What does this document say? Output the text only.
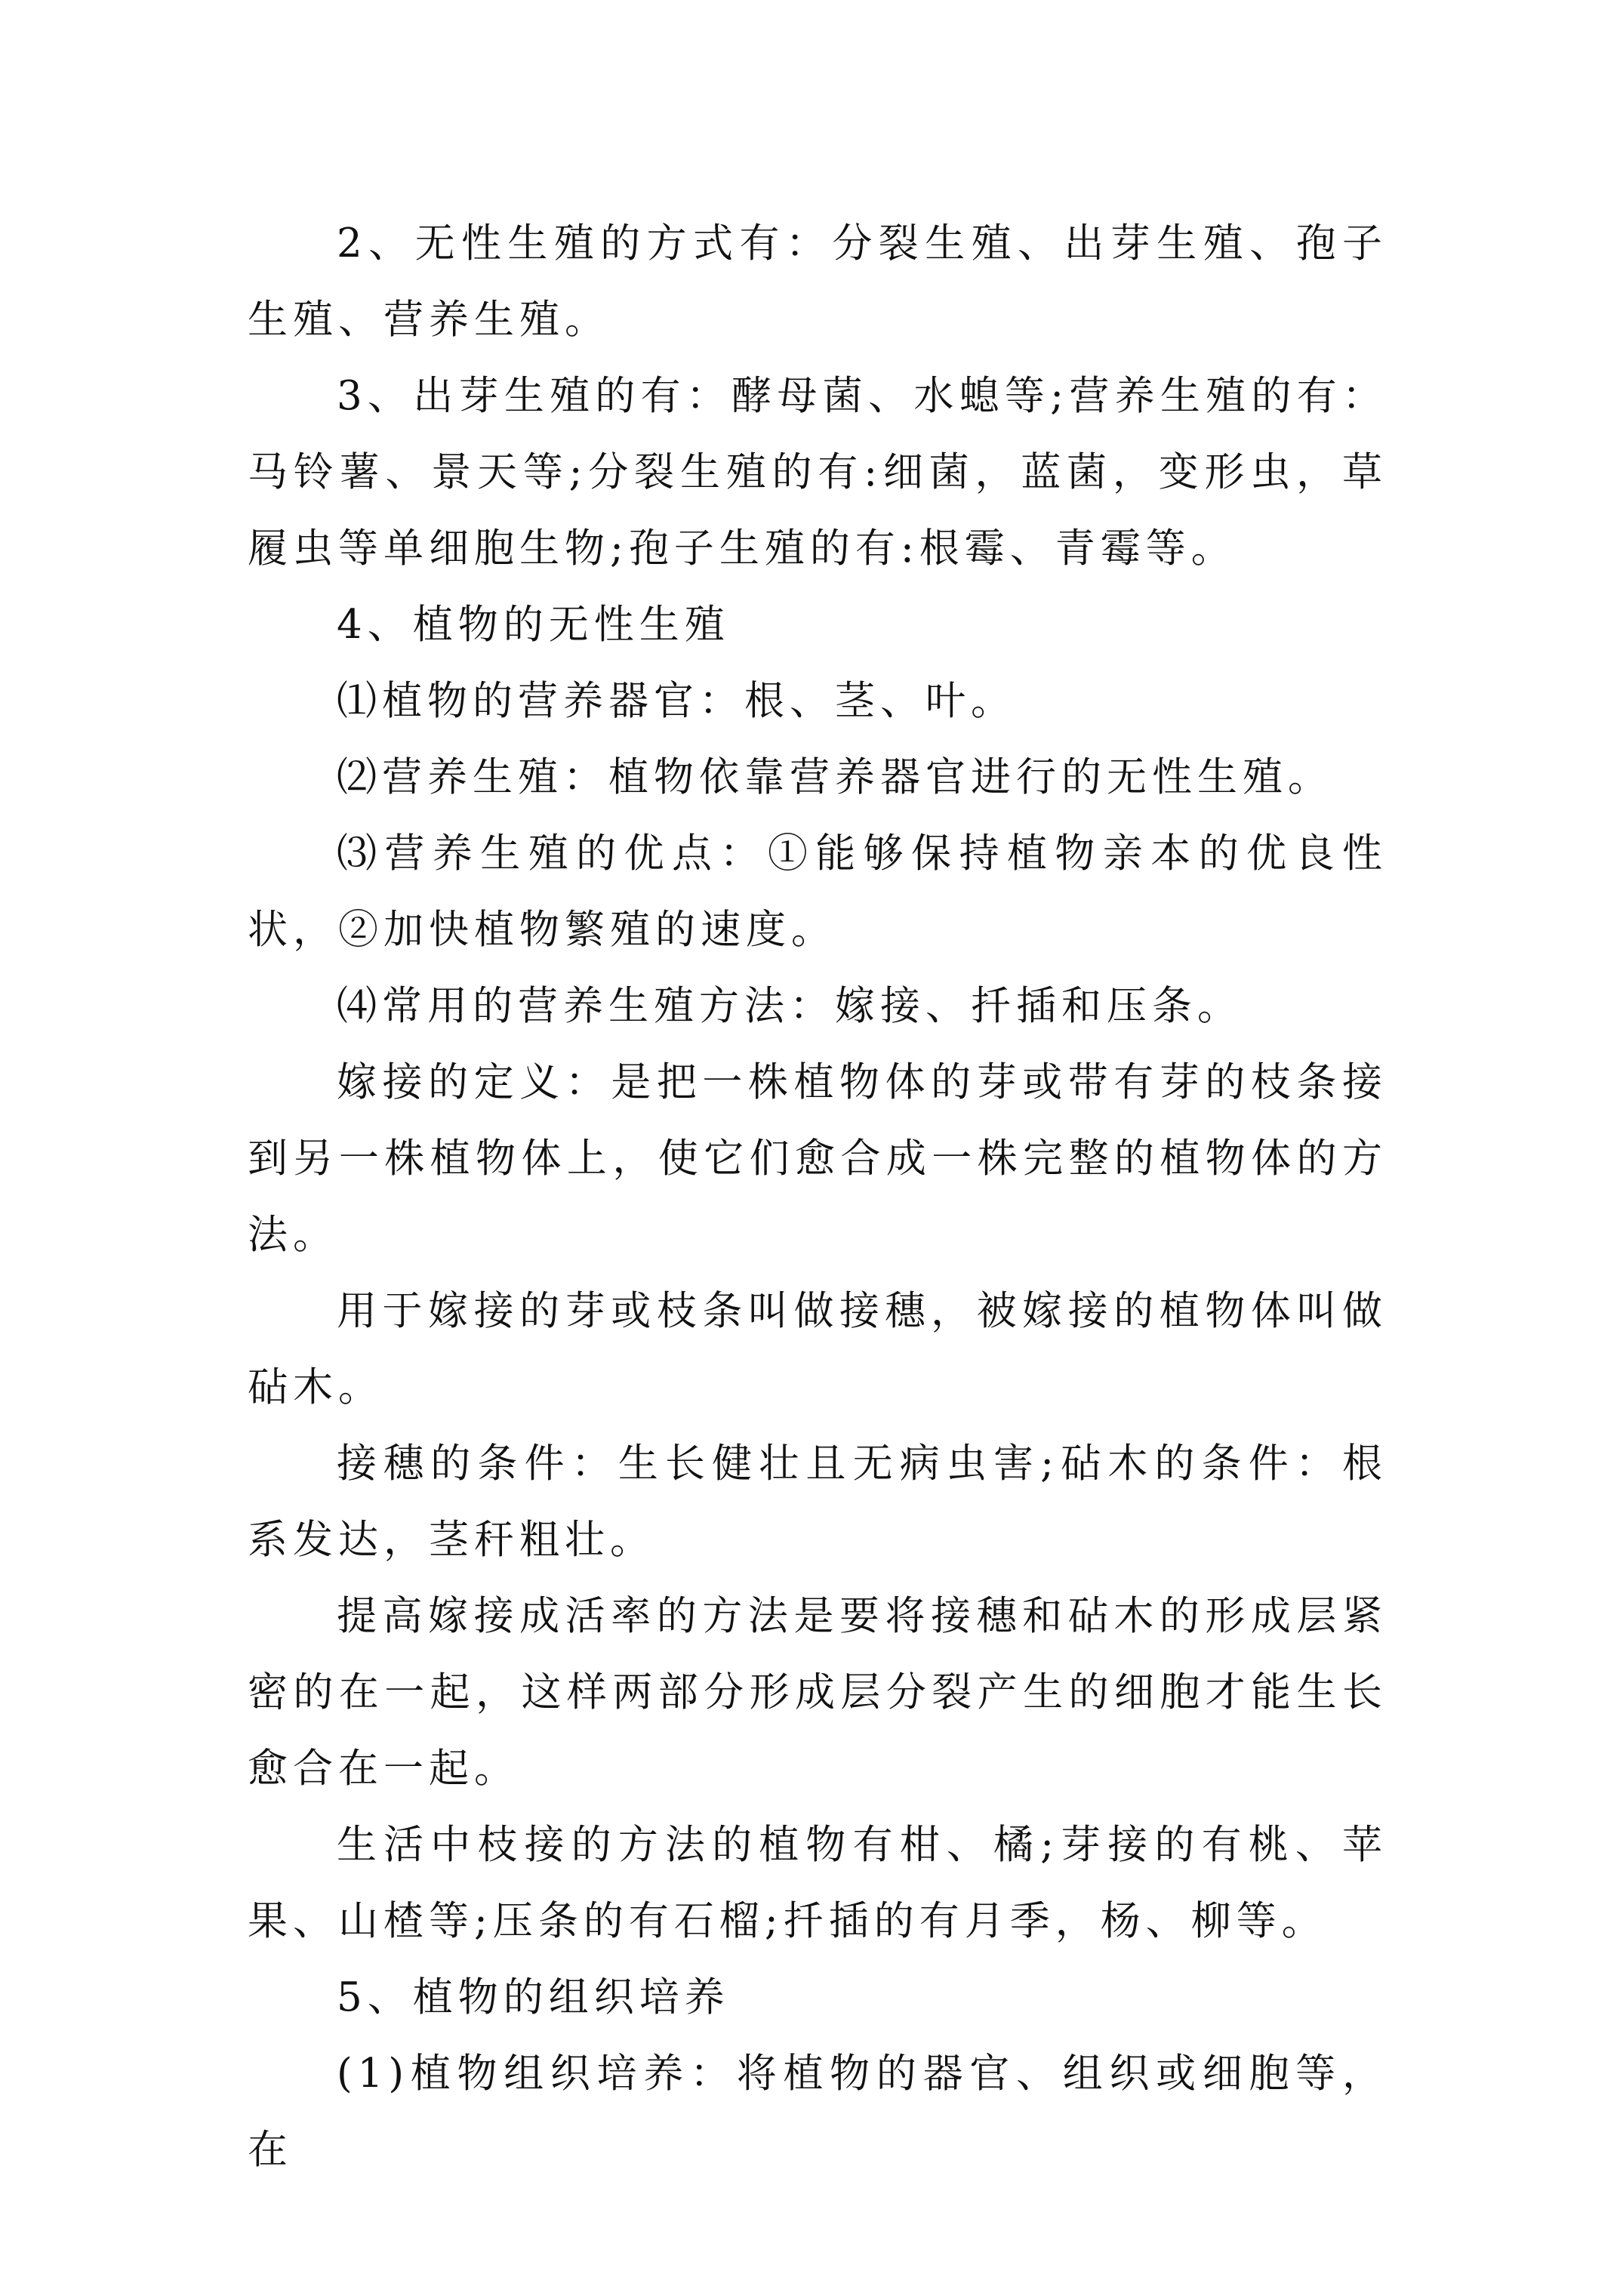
2、无性生殖的方式有：分裂生殖、出芽生殖、孢子生殖、营养生殖。

3、出芽生殖的有：酵母菌、水螅等;营养生殖的有：马铃薯、景天等;分裂生殖的有:细菌，蓝菌，变形虫，草履虫等单细胞生物;孢子生殖的有:根霉、青霉等。

4、植物的无性生殖

⑴植物的营养器官：根、茎、叶。

⑵营养生殖：植物依靠营养器官进行的无性生殖。

⑶营养生殖的优点：①能够保持植物亲本的优良性状，②加快植物繁殖的速度。

⑷常用的营养生殖方法：嫁接、扦插和压条。

嫁接的定义：是把一株植物体的芽或带有芽的枝条接到另一株植物体上，使它们愈合成一株完整的植物体的方法。

用于嫁接的芽或枝条叫做接穗，被嫁接的植物体叫做砧木。

接穗的条件：生长健壮且无病虫害;砧木的条件：根系发达，茎秆粗壮。

提高嫁接成活率的方法是要将接穗和砧木的形成层紧密的在一起，这样两部分形成层分裂产生的细胞才能生长愈合在一起。

生活中枝接的方法的植物有柑、橘;芽接的有桃、苹果、山楂等;压条的有石榴;扦插的有月季，杨、柳等。

5、植物的组织培养

(1)植物组织培养：将植物的器官、组织或细胞等，在
